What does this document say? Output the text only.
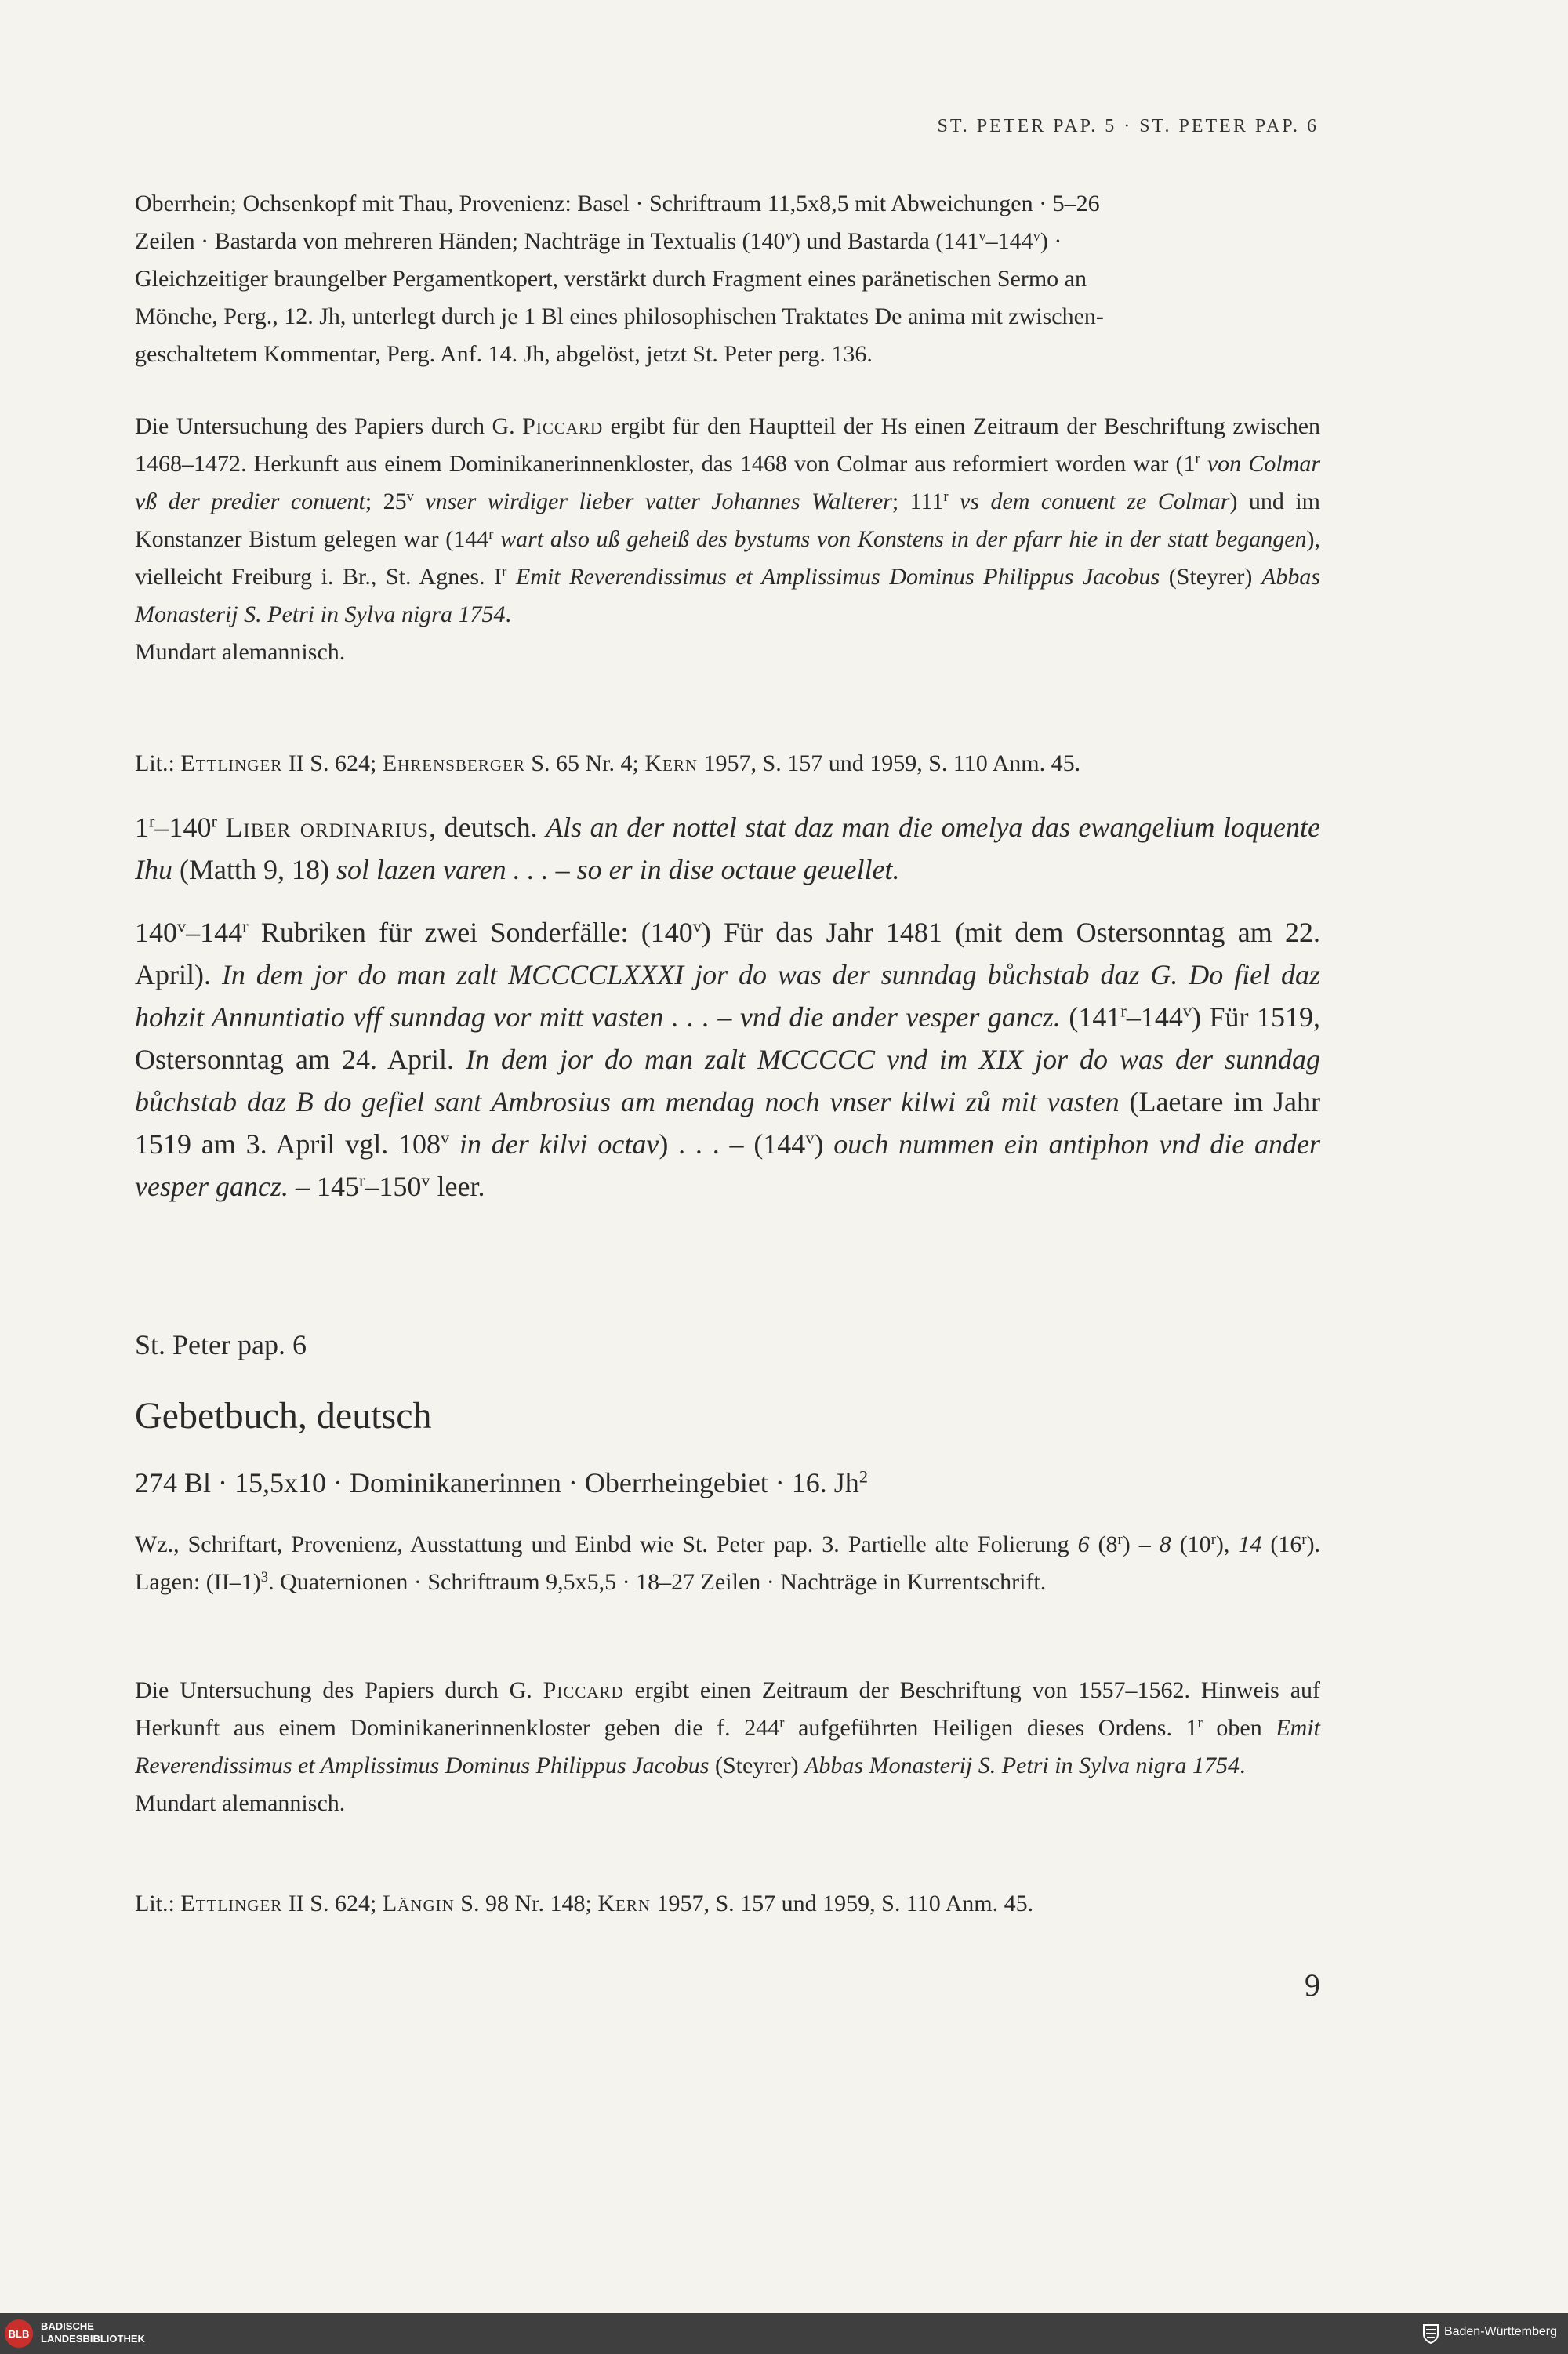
ST. PETER PAP. 5 · ST. PETER PAP. 6

Oberrhein; Ochsenkopf mit Thau, Provenienz: Basel · Schriftraum 11,5x8,5 mit Abweichungen · 5–26

Zeilen · Bastarda von mehreren Händen; Nachträge in Textualis (140$^v$) und Bastarda $(141^v-144^v)$ ·

Gleichzeitiger braungelber Pergamentkopert, verstärkt durch Fragment eines paränetischen Sermo an

Mönche, Perg., 12. Jh, unterlegt durch je 1 Bl eines philosophischen Traktates De anima mit zwischen-

geschaltetem Kommentar, Perg. Anf. 14. Jh, abgelöst, jetzt St. Peter perg. 136.

Die Untersuchung des Papiers durch G. Piccard ergibt für den Hauptteil der Hs einen Zeitraum der Beschriftung zwischen 1468–1472. Herkunft aus einem Dominikanerinnenkloster, das 1468 von Colmar aus reformiert worden war (1$^r$ von Colmar vß der predier conuent; 25$^v$ vnser wirdiger lieber vatter Johannes Walterer; 111$^r$ vs dem conuent ze Colmar) und im Konstanzer Bistum gelegen war (144$^r$ wart also uß geheiß des bystums von Konstens in der pfarr hie in der statt begangen), vielleicht Freiburg i. Br., St. Agnes. $I^r$ Emit Reverendissimus et Amplissimus Dominus Philippus Jacobus (Steyrer) Abbas Monasterij S. Petri in Sylva nigra 1754.

Mundart alemannisch.

Lit.: Ettlinger II S. 624; Ehrensberger S. 65 Nr. 4; Kern 1957, S. 157 und 1959, S. 110 Anm. 45.

1$^r$–140$^r$ Liber ordinarius, deutsch. Als an der nottel stat daz man die omelya das ewangelium loquente Ihu (Matth 9, 18) sol lazen varen . . . – so er in dise octaue geuellet.

140$^v$–144$^r$ Rubriken für zwei Sonderfälle: (140$^v$) Für das Jahr 1481 (mit dem Ostersonntag am 22. April). In dem jor do man zalt MCCCCLXXXI jor do was der sunndag bůchstab daz G. Do fiel daz hohzit Annuntiatio vff sunndag vor mitt vasten . . . – vnd die ander vesper gancz. (141$^r$–144$^v$) Für 1519, Ostersonntag am 24. April. In dem jor do man zalt MCCCCC vnd im XIX jor do was der sunndag bůchstab daz B do gefiel sant Ambrosius am mendag noch vnser kilwi zů mit vasten (Laetare im Jahr 1519 am 3. April vgl. 108$^v$ in der kilvi octav) . . . – (144$^v$) ouch nummen ein antiphon vnd die ander vesper gancz. – 145$^r$–150$^v$ leer.

St. Peter pap. 6
Gebetbuch, deutsch

274 Bl · 15,5x10 · Dominikanerinnen · Oberrheingebiet · 16. Jh$^2$

Wz., Schriftart, Provenienz, Ausstattung und Einbd wie St. Peter pap. 3. Partielle alte Folierung 6 (8$^r$) – 8 (10$^r$), 14 (16$^r$). Lagen: $(II-1)^3$. Quaternionen · Schriftraum 9,5x5,5 · 18–27 Zeilen · Nachträge in Kurrentschrift.

Die Untersuchung des Papiers durch G. Piccard ergibt einen Zeitraum der Beschriftung von 1557–1562. Hinweis auf Herkunft aus einem Dominikanerinnenkloster geben die f. 244$^r$ aufgeführten Heiligen dieses Ordens. 1$^r$ oben Emit Reverendissimus et Amplissimus Dominus Philippus Jacobus (Steyrer) Abbas Monasterij S. Petri in Sylva nigra 1754.

Mundart alemannisch.

Lit.: Ettlinger II S. 624; Längin S. 98 Nr. 148; Kern 1957, S. 157 und 1959, S. 110 Anm. 45.

9
BLB
BADISCHE
LANDESBIBLIOTHEK
Baden-Württemberg
